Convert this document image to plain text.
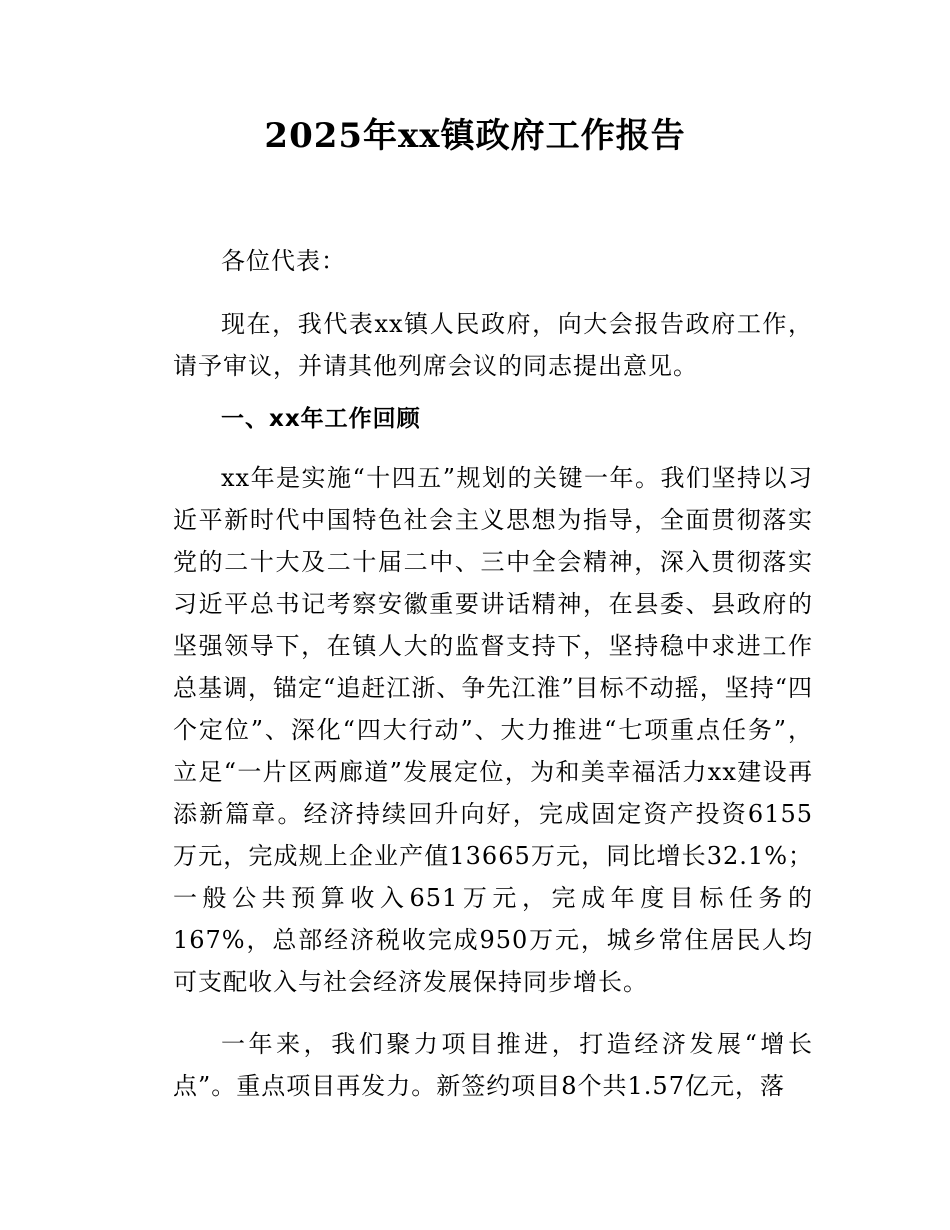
2025年xx镇政府工作报告

各位代表：

现在，我代表xx镇人民政府，向大会报告政府工作，请予审议，并请其他列席会议的同志提出意见。

一、xx年工作回顾

xx年是实施“十四五”规划的关键一年。我们坚持以习近平新时代中国特色社会主义思想为指导，全面贯彻落实党的二十大及二十届二中、三中全会精神，深入贯彻落实习近平总书记考察安徽重要讲话精神，在县委、县政府的坚强领导下，在镇人大的监督支持下，坚持稳中求进工作总基调，锚定“追赶江浙、争先江淮”目标不动摇，坚持“四个定位”、深化“四大行动”、大力推进“七项重点任务”，立足“一片区两廊道”发展定位，为和美幸福活力xx建设再添新篇章。经济持续回升向好，完成固定资产投资6155万元，完成规上企业产值13665万元，同比增长32.1%；一般公共预算收入651万元，完成年度目标任务的167%，总部经济税收完成950万元，城乡常住居民人均可支配收入与社会经济发展保持同步增长。

一年来，我们聚力项目推进，打造经济发展“增长点”。重点项目再发力。新签约项目8个共1.57亿元，落
